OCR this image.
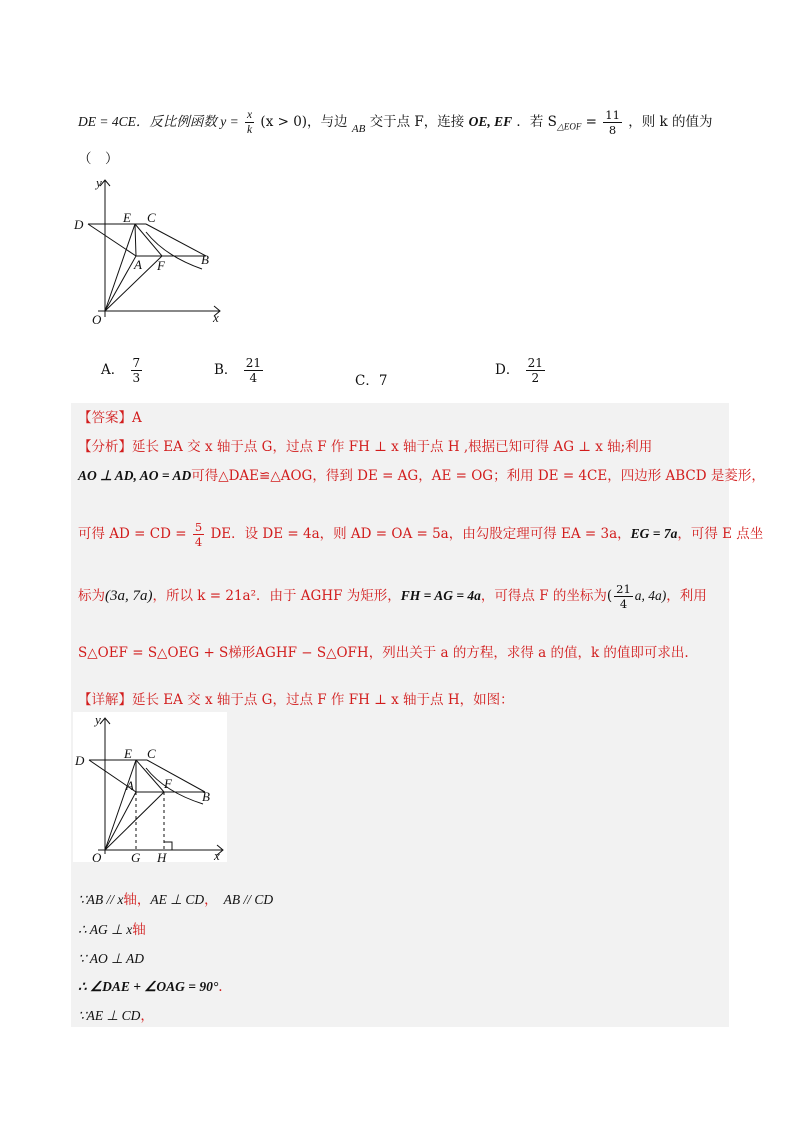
DE = 4CE．反比例函数 $y = \frac{x}{k} (x > 0)$，与边 $_{AB}$ 交于点 F，连接 OE, EF ．若 $S_{\triangle EOF} = \frac{11}{8}$ ，则 k 的值为
（　）
y
D	E C
A F	B
O	x
A． $\frac{7}{3}$	B． $\frac{21}{4}$	C．7
D． $\frac{21}{2}$
【答案】A
【分析】延长 EA 交 x 轴于点 G，过点 F 作 FH ⊥ x 轴于点 H ,根据已知可得 AG ⊥ x 轴;利用
AO ⊥ AD, AO = AD可得△DAE≌△AOG，得到 DE = AG，AE = OG；利用 DE = 4CE，四边形 ABCD 是菱形，
可得 AD = CD = $\frac{5}{4}$ DE．设 DE = 4a，则 AD = OA = 5a，由勾股定理可得 EA = 3a，EG = 7a，可得 E 点坐
标为(3a, 7a)，所以 k = 21a²．由于 AGHF 为矩形，FH = AG = 4a，可得点 F 的坐标为( $\frac{21}{4} a$, 4a)，利用
S△OEF = S△OEG + S梯形AGHF − S△OFH，列出关于 a 的方程，求得 a 的值，k 的值即可求出.
【详解】延长 EA 交 x 轴于点 G，过点 F 作 FH ⊥ x 轴于点 H，如图：
y
D	E C
A F
B
O G H	x
∵AB // x轴，AE ⊥ CD， AB // CD
∴ AG ⊥ x轴
∵ AO ⊥ AD
∴ ∠DAE + ∠OAG = 90°.
∵AE ⊥ CD，
